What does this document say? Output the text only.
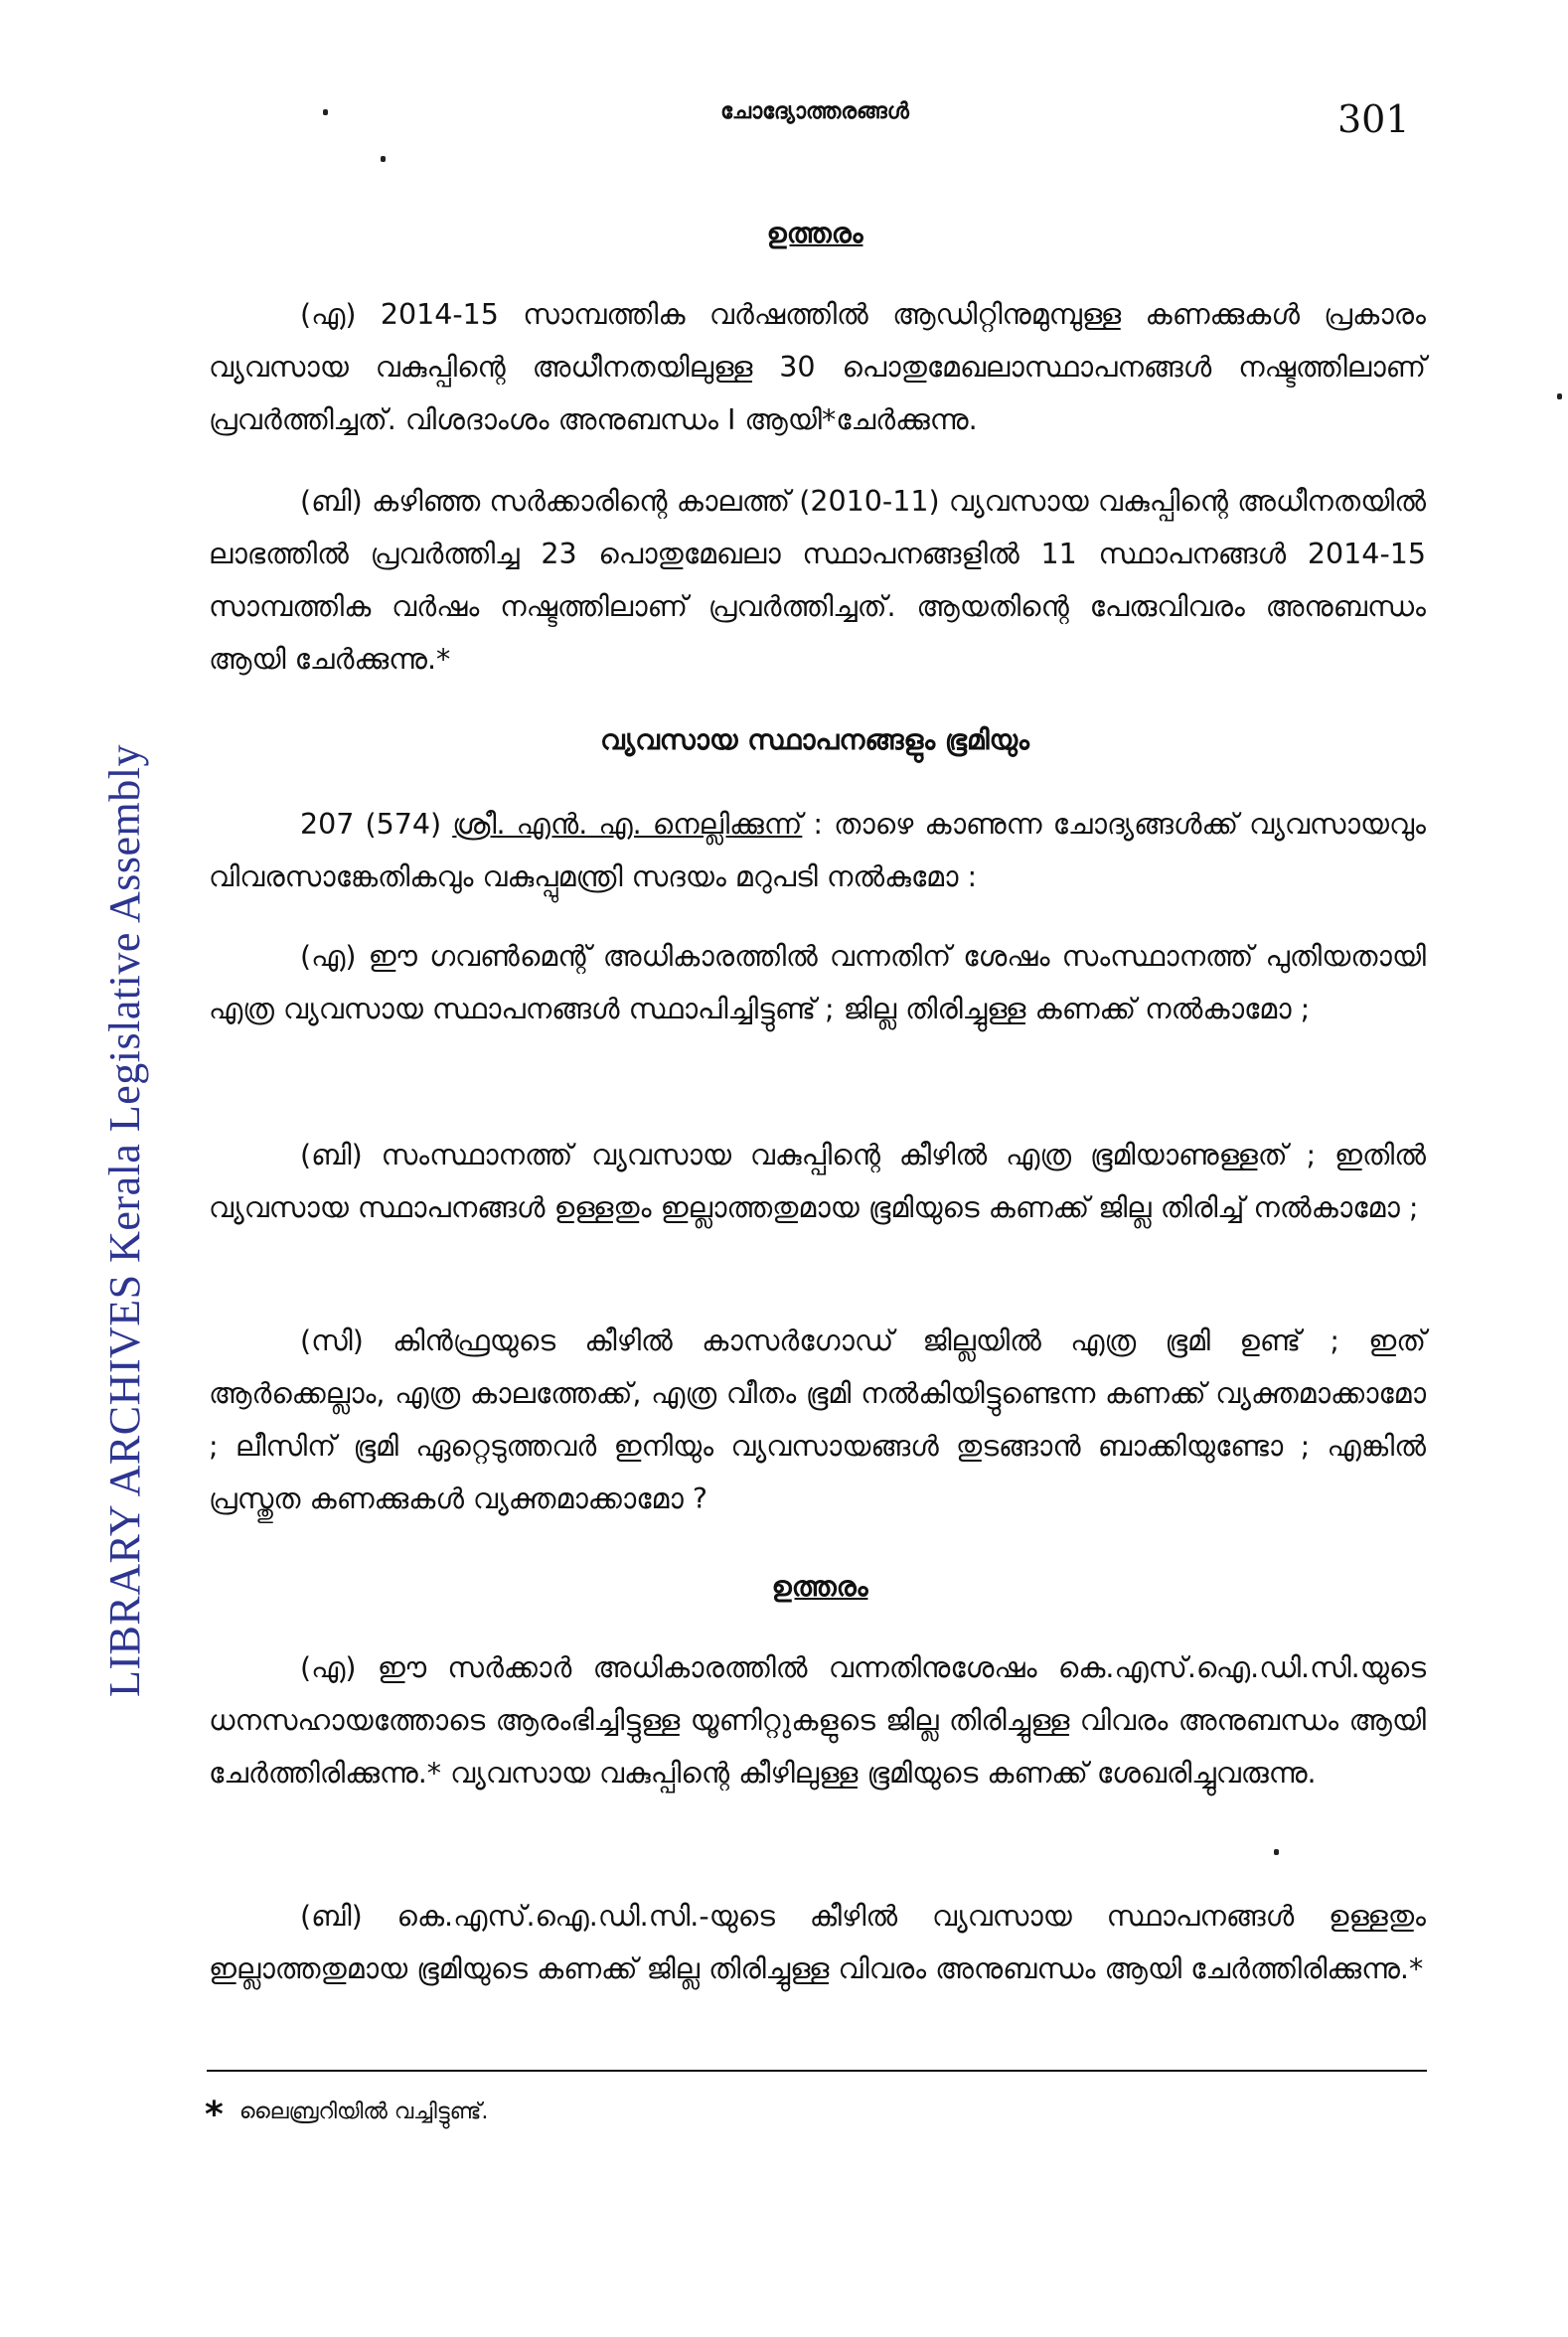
ചോദ്യോത്തരങ്ങൾ	301
LIBRARY ARCHIVES Kerala Legislative Assembly
ഉത്തരം
(എ) 2014-15 സാമ്പത്തിക വർഷത്തിൽ ആഡിറ്റിനുമുമ്പുള്ള കണക്കുകൾ പ്രകാരം വ്യവസായ വകുപ്പിന്റെ അധീനതയിലുള്ള 30 പൊതുമേഖലാസ്ഥാപനങ്ങൾ നഷ്ടത്തിലാണ് പ്രവർത്തിച്ചത്. വിശദാംശം അനുബന്ധം I ആയി*ചേർക്കുന്നു.
(ബി) കഴിഞ്ഞ സർക്കാരിന്റെ കാലത്ത് (2010-11) വ്യവസായ വകുപ്പിന്റെ അധീനതയിൽ ലാഭത്തിൽ പ്രവർത്തിച്ച 23 പൊതുമേഖലാ സ്ഥാപനങ്ങളിൽ 11 സ്ഥാപനങ്ങൾ 2014-15 സാമ്പത്തിക വർഷം നഷ്ടത്തിലാണ് പ്രവർത്തിച്ചത്. ആയതിന്റെ പേരുവിവരം അനുബന്ധം ആയി ചേർക്കുന്നു.*
വ്യവസായ സ്ഥാപനങ്ങളും ഭൂമിയും
207 (574) ശ്രീ. എൻ. എ. നെല്ലിക്കുന്ന് : താഴെ കാണുന്ന ചോദ്യങ്ങൾക്ക് വ്യവസായവും വിവരസാങ്കേതികവും വകുപ്പുമന്ത്രി സദയം മറുപടി നൽകുമോ :
(എ) ഈ ഗവൺമെന്റ് അധികാരത്തിൽ വന്നതിന് ശേഷം സംസ്ഥാനത്ത് പുതിയതായി എത്ര വ്യവസായ സ്ഥാപനങ്ങൾ സ്ഥാപിച്ചിട്ടുണ്ട് ; ജില്ല തിരിച്ചുള്ള കണക്ക് നൽകാമോ ;
(ബി) സംസ്ഥാനത്ത് വ്യവസായ വകുപ്പിന്റെ കീഴിൽ എത്ര ഭൂമിയാണുള്ളത് ; ഇതിൽ വ്യവസായ സ്ഥാപനങ്ങൾ ഉള്ളതും ഇല്ലാത്തതുമായ ഭൂമിയുടെ കണക്ക് ജില്ല തിരിച്ച് നൽകാമോ ;
(സി) കിൻഫ്രയുടെ കീഴിൽ കാസർഗോഡ് ജില്ലയിൽ എത്ര ഭൂമി ഉണ്ട് ; ഇത് ആർക്കെല്ലാം, എത്ര കാലത്തേക്ക്, എത്ര വീതം ഭൂമി നൽകിയിട്ടുണ്ടെന്ന കണക്ക് വ്യക്തമാക്കാമോ ; ലീസിന് ഭൂമി ഏറ്റെടുത്തവർ ഇനിയും വ്യവസായങ്ങൾ തുടങ്ങാൻ ബാക്കിയുണ്ടോ ; എങ്കിൽ പ്രസ്തുത കണക്കുകൾ വ്യക്തമാക്കാമോ ?
ഉത്തരം
(എ) ഈ സർക്കാർ അധികാരത്തിൽ വന്നതിനുശേഷം കെ.എസ്.ഐ.ഡി.സി.യുടെ ധനസഹായത്തോടെ ആരംഭിച്ചിട്ടുള്ള യൂണിറ്റുകളുടെ ജില്ല തിരിച്ചുള്ള വിവരം അനുബന്ധം ആയി ചേർത്തിരിക്കുന്നു.* വ്യവസായ വകുപ്പിന്റെ കീഴിലുള്ള ഭൂമിയുടെ കണക്ക് ശേഖരിച്ചുവരുന്നു.
(ബി) കെ.എസ്.ഐ.ഡി.സി.-യുടെ കീഴിൽ വ്യവസായ സ്ഥാപനങ്ങൾ ഉള്ളതും ഇല്ലാത്തതുമായ ഭൂമിയുടെ കണക്ക് ജില്ല തിരിച്ചുള്ള വിവരം അനുബന്ധം ആയി ചേർത്തിരിക്കുന്നു.*
* ലൈബ്രറിയിൽ വച്ചിട്ടുണ്ട്.
